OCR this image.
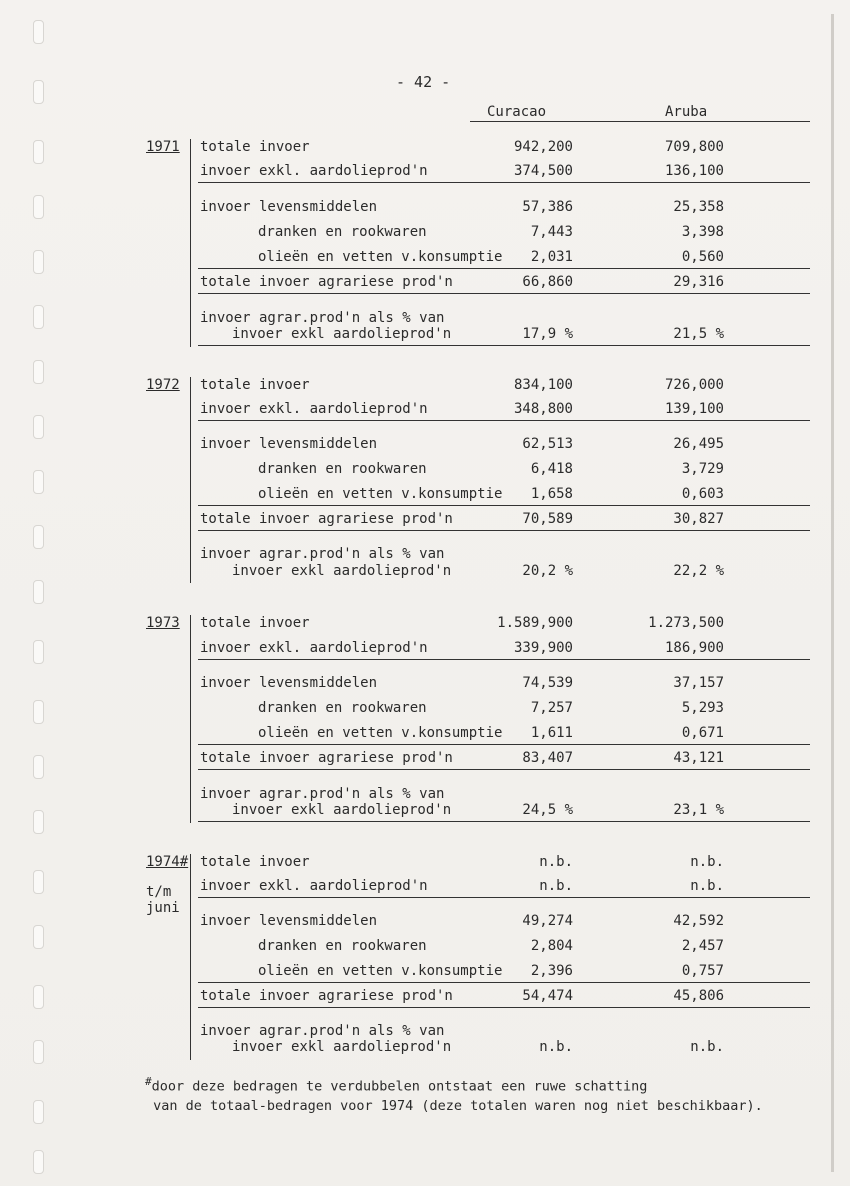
- 42 -
Curacao	Aruba
1971 totale invoer	942,200	709,800
invoer exkl. aardolieprod'n	374,500	136,100
invoer levensmiddelen	57,386	25,358
dranken en rookwaren	7,443	3,398
olieën en vetten v.konsumptie 2,031	0,560
totale invoer agrariese prod'n	66,860	29,316
invoer agrar.prod'n als % van
invoer exkl aardolieprod'n	17,9 %	21,5 %
1972 totale invoer	834,100	726,000
invoer exkl. aardolieprod'n	348,800	139,100
invoer levensmiddelen	62,513	26,495
dranken en rookwaren	6,418	3,729
olieën en vetten v.konsumptie 1,658	0,603
totale invoer agrariese prod'n	70,589	30,827
invoer agrar.prod'n als % van
invoer exkl aardolieprod'n	20,2 %	22,2 %
1973 totale invoer	1.589,900	1.273,500
invoer exkl. aardolieprod'n	339,900	186,900
invoer levensmiddelen	74,539	37,157
dranken en rookwaren	7,257	5,293
olieën en vetten v.konsumptie 1,611	0,671
totale invoer agrariese prod'n	83,407	43,121
invoer agrar.prod'n als % van
invoer exkl aardolieprod'n	24,5 %	23,1 %
1974#
t/m
juni
totale invoer	n.b.	n.b.
invoer exkl. aardolieprod'n	n.b.	n.b.
invoer levensmiddelen	49,274	42,592
dranken en rookwaren	2,804	2,457
olieën en vetten v.konsumptie 2,396	0,757
totale invoer agrariese prod'n	54,474	45,806
invoer agrar.prod'n als % van
invoer exkl aardolieprod'n	n.b.	n.b.
#door deze bedragen te verdubbelen ontstaat een ruwe schatting
van de totaal-bedragen voor 1974 (deze totalen waren nog niet beschikbaar).
